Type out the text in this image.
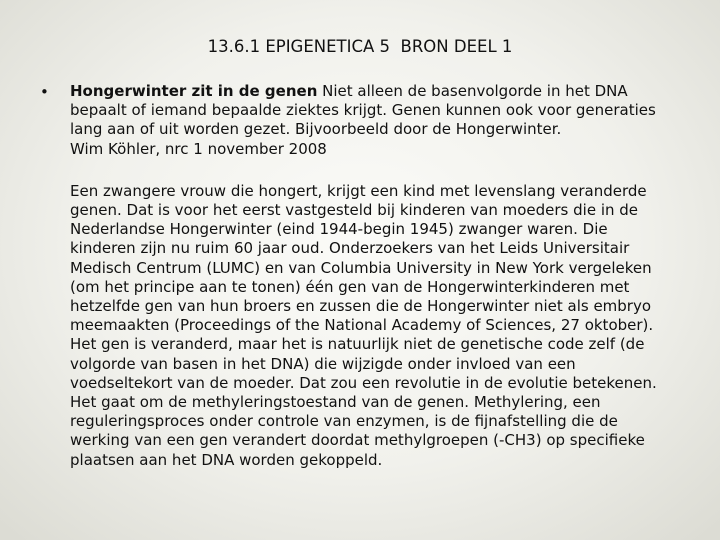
13.6.1 EPIGENETICA 5  BRON DEEL 1
• Hongerwinter zit in de genen Niet alleen de basenvolgorde in het DNA
bepaalt of iemand bepaalde ziektes krijgt. Genen kunnen ook voor generaties
lang aan of uit worden gezet. Bijvoorbeeld door de Hongerwinter.
Wim Köhler, nrc 1 november 2008
Een zwangere vrouw die hongert, krijgt een kind met levenslang veranderde
genen. Dat is voor het eerst vastgesteld bij kinderen van moeders die in de
Nederlandse Hongerwinter (eind 1944-begin 1945) zwanger waren. Die
kinderen zijn nu ruim 60 jaar oud. Onderzoekers van het Leids Universitair
Medisch Centrum (LUMC) en van Columbia University in New York vergeleken
(om het principe aan te tonen) één gen van de Hongerwinterkinderen met
hetzelfde gen van hun broers en zussen die de Hongerwinter niet als embryo
meemaakten (Proceedings of the National Academy of Sciences, 27 oktober).
Het gen is veranderd, maar het is natuurlijk niet de genetische code zelf (de
volgorde van basen in het DNA) die wijzigde onder invloed van een
voedseltekort van de moeder. Dat zou een revolutie in de evolutie betekenen.
Het gaat om de methyleringstoestand van de genen. Methylering, een
reguleringsproces onder controle van enzymen, is de fijnafstelling die de
werking van een gen verandert doordat methylgroepen (-CH3) op specifieke
plaatsen aan het DNA worden gekoppeld.
